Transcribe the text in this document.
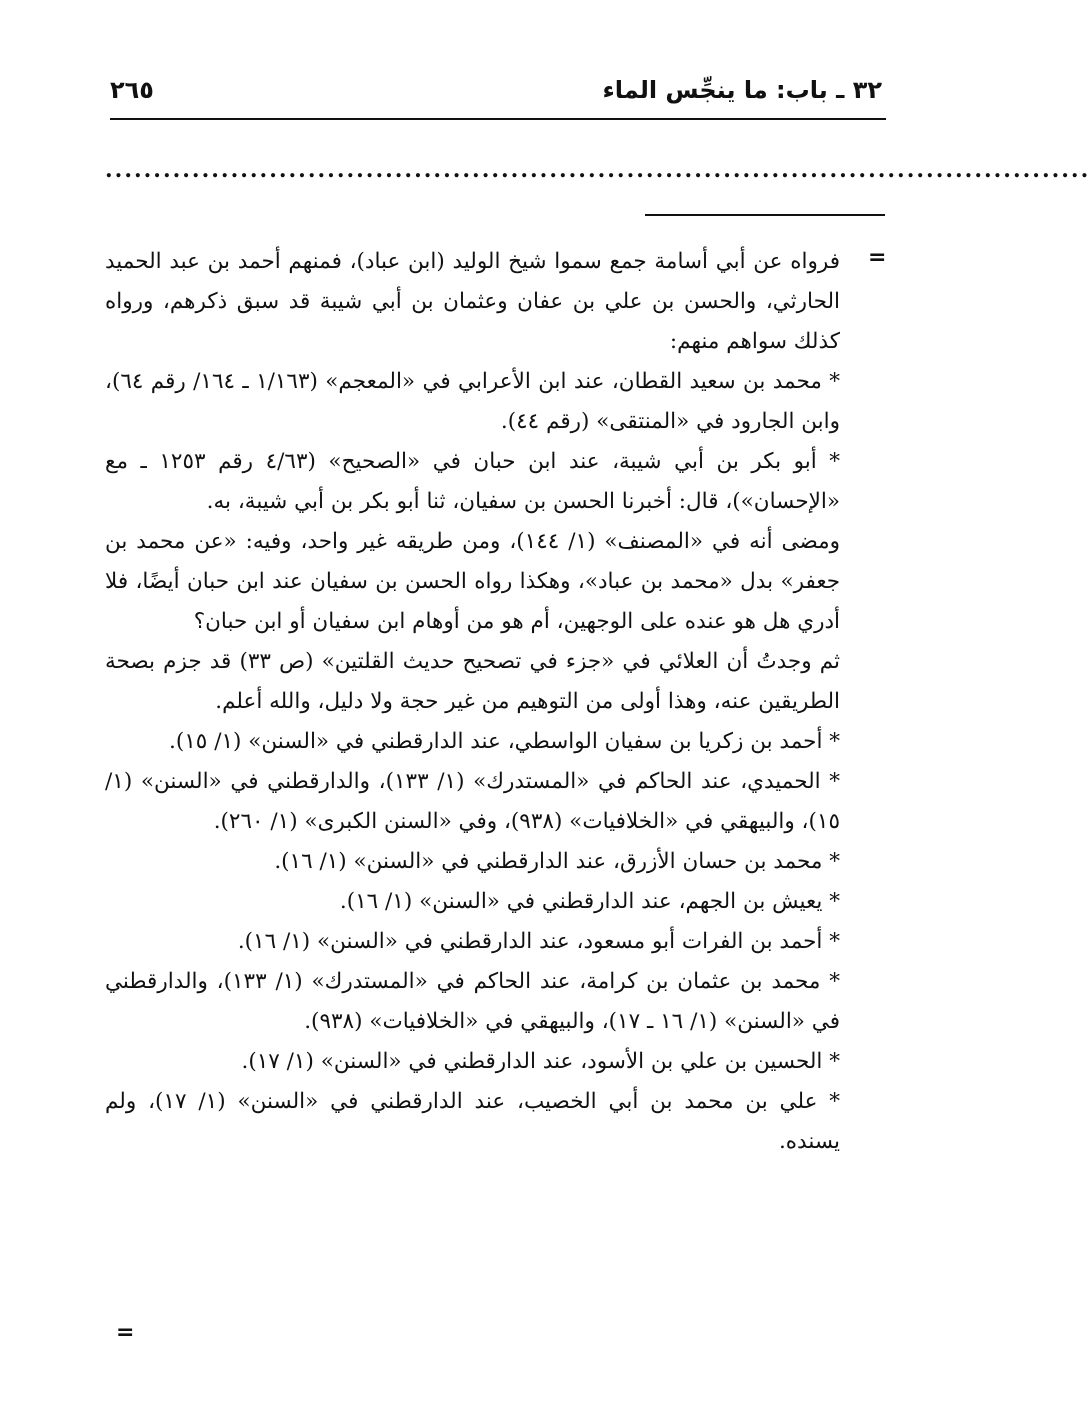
٣٢ ـ باب: ما ينجِّس الماء
٢٦٥
......................................................................................................
=

فرواه عن أبي أسامة جمع سموا شيخ الوليد (ابن عباد)، فمنهم أحمد بن عبد الحميد الحارثي، والحسن بن علي بن عفان وعثمان بن أبي شيبة قد سبق ذكرهم، ورواه كذلك سواهم منهم:

* محمد بن سعيد القطان، عند ابن الأعرابي في «المعجم» (١/١٦٣ ـ ١٦٤/ رقم ٦٤)، وابن الجارود في «المنتقى» (رقم ٤٤).

* أبو بكر بن أبي شيبة، عند ابن حبان في «الصحيح» (٤/٦٣ رقم ١٢٥٣ ـ مع «الإحسان»)، قال: أخبرنا الحسن بن سفيان، ثنا أبو بكر بن أبي شيبة، به.

ومضى أنه في «المصنف» (١/ ١٤٤)، ومن طريقه غير واحد، وفيه: «عن محمد بن جعفر» بدل «محمد بن عباد»، وهكذا رواه الحسن بن سفيان عند ابن حبان أيضًا، فلا أدري هل هو عنده على الوجهين، أم هو من أوهام ابن سفيان أو ابن حبان؟

ثم وجدتُ أن العلائي في «جزء في تصحيح حديث القلتين» (ص ٣٣) قد جزم بصحة الطريقين عنه، وهذا أولى من التوهيم من غير حجة ولا دليل، والله أعلم.

* أحمد بن زكريا بن سفيان الواسطي، عند الدارقطني في «السنن» (١/ ١٥).

* الحميدي، عند الحاكم في «المستدرك» (١/ ١٣٣)، والدارقطني في «السنن» (١/ ١٥)، والبيهقي في «الخلافيات» (٩٣٨)، وفي «السنن الكبرى» (١/ ٢٦٠).

* محمد بن حسان الأزرق، عند الدارقطني في «السنن» (١/ ١٦).

* يعيش بن الجهم، عند الدارقطني في «السنن» (١/ ١٦).

* أحمد بن الفرات أبو مسعود، عند الدارقطني في «السنن» (١/ ١٦).

* محمد بن عثمان بن كرامة، عند الحاكم في «المستدرك» (١/ ١٣٣)، والدارقطني في «السنن» (١/ ١٦ ـ ١٧)، والبيهقي في «الخلافيات» (٩٣٨).

* الحسين بن علي بن الأسود، عند الدارقطني في «السنن» (١/ ١٧).

* علي بن محمد بن أبي الخصيب، عند الدارقطني في «السنن» (١/ ١٧)، ولم يسنده.

=
